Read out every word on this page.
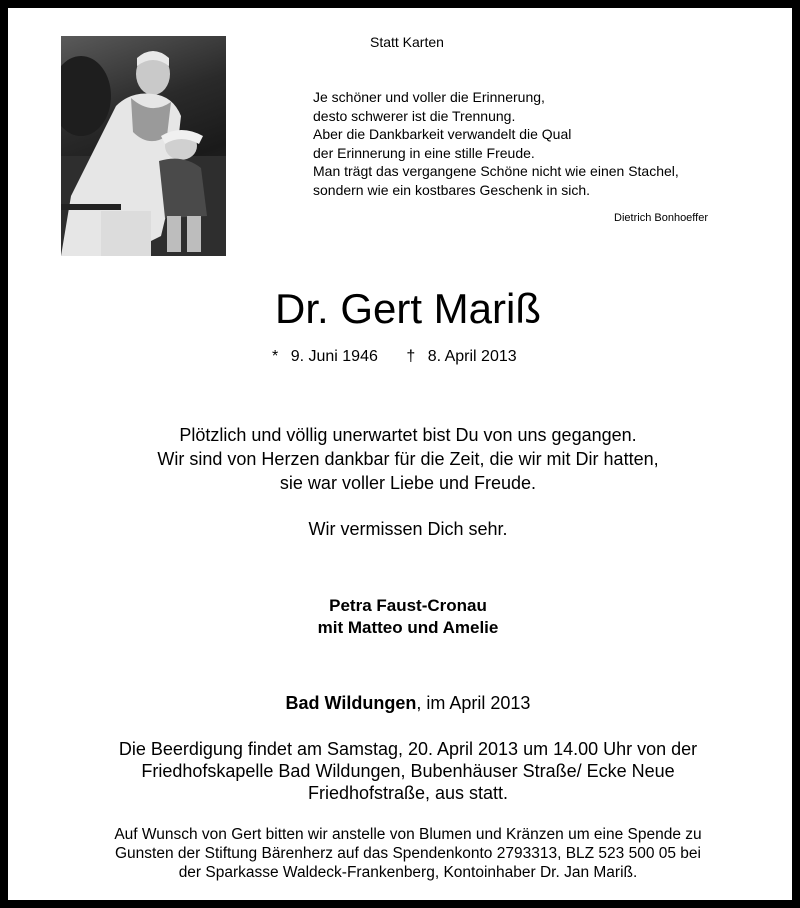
Statt Karten
Je schöner und voller die Erinnerung,
desto schwerer ist die Trennung.
Aber die Dankbarkeit verwandelt die Qual
der Erinnerung in eine stille Freude.
Man trägt das vergangene Schöne nicht wie einen Stachel,
sondern wie ein kostbares Geschenk in sich.
Dietrich Bonhoeffer
Dr. Gert Mariß
* 9. Juni 1946 † 8. April 2013
Plötzlich und völlig unerwartet bist Du von uns gegangen.
Wir sind von Herzen dankbar für die Zeit, die wir mit Dir hatten,
sie war voller Liebe und Freude.
Wir vermissen Dich sehr.
Petra Faust-Cronau
mit Matteo und Amelie
Bad Wildungen, im April 2013
Die Beerdigung findet am Samstag, 20. April 2013 um 14.00 Uhr von der
Friedhofskapelle Bad Wildungen, Bubenhäuser Straße/ Ecke Neue
Friedhofstraße, aus statt.
Auf Wunsch von Gert bitten wir anstelle von Blumen und Kränzen um eine Spende zu
Gunsten der Stiftung Bärenherz auf das Spendenkonto 2793313, BLZ 523 500 05 bei
der Sparkasse Waldeck-Frankenberg, Kontoinhaber Dr. Jan Mariß.
